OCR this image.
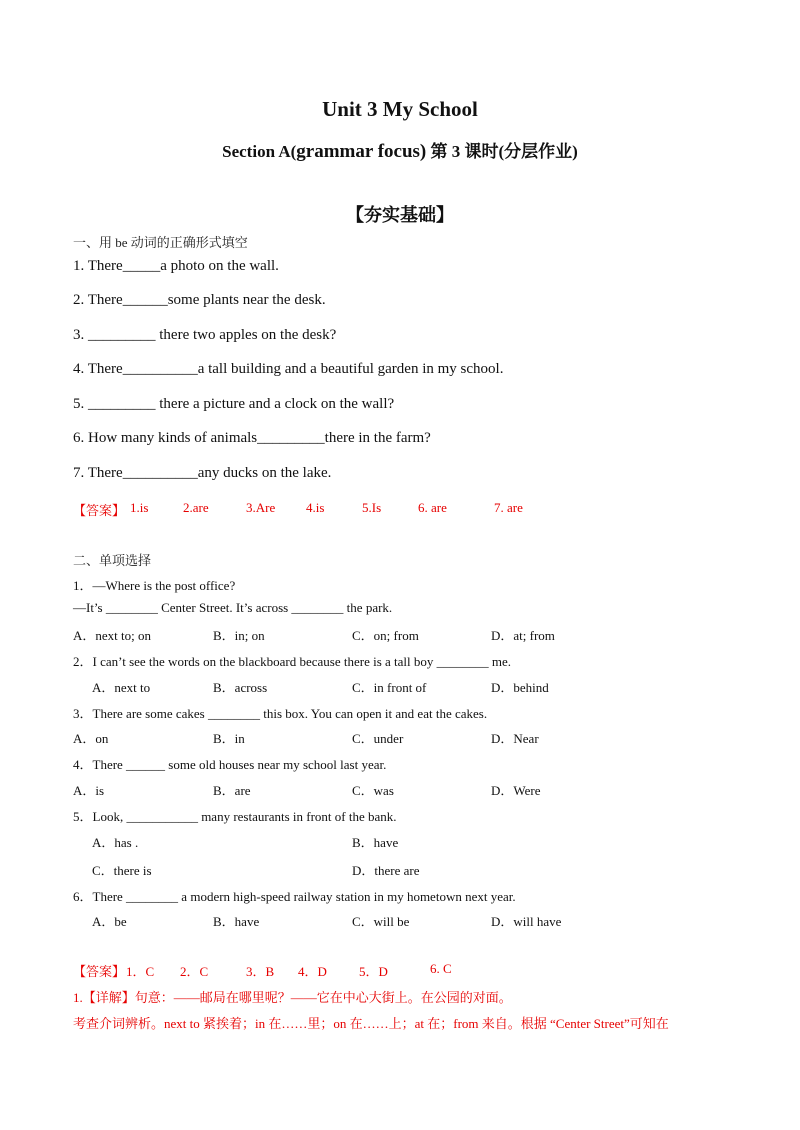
Unit 3 My School
Section A(grammar focus) 第 3 课时(分层作业)
【夯实基础】
一、用 be 动词的正确形式填空
1. There_____a photo on the wall.
2. There______some plants near the desk.
3. _________ there two apples on the desk?
4. There__________a tall building and a beautiful garden in my school.
5. _________ there a picture and a clock on the wall?
6. How many kinds of animals_________there in the farm?
7. There__________any ducks on the lake.
【答案】 1.is	2.are	3.Are 4.is	5.Is	6. are	7. are
二、单项选择
1．—Where is the post office?
—It’s ________ Center Street. It’s across ________ the park.
A．next to; on	B．in; on	C．on; from	D．at; from
2．I can’t see the words on the blackboard because there is a tall boy ________ me.
A．next to	B．across	C．in front of	D．behind
3．There are some cakes ________ this box. You can open it and eat the cakes.
A．on	B．in	C．under	D．Near
4．There ______ some old houses near my school last year.
A．is	B．are	C．was	D．Were
5．Look, ___________ many restaurants in front of the bank.
A．has .	B．have
C．there is	D．there are
6．There ________ a modern high-speed railway station in my hometown next year.
A．be	B．have	C．will be	D．will have
【答案】 1．C 2．C	3．B 4．D 5．D	6. C
1.【详解】句意：——邮局在哪里呢？——它在中心大街上。在公园的对面。
考查介词辨析。next to 紧挨着；in 在……里；on 在……上；at 在；from 来自。根据 “Center Street”可知在
